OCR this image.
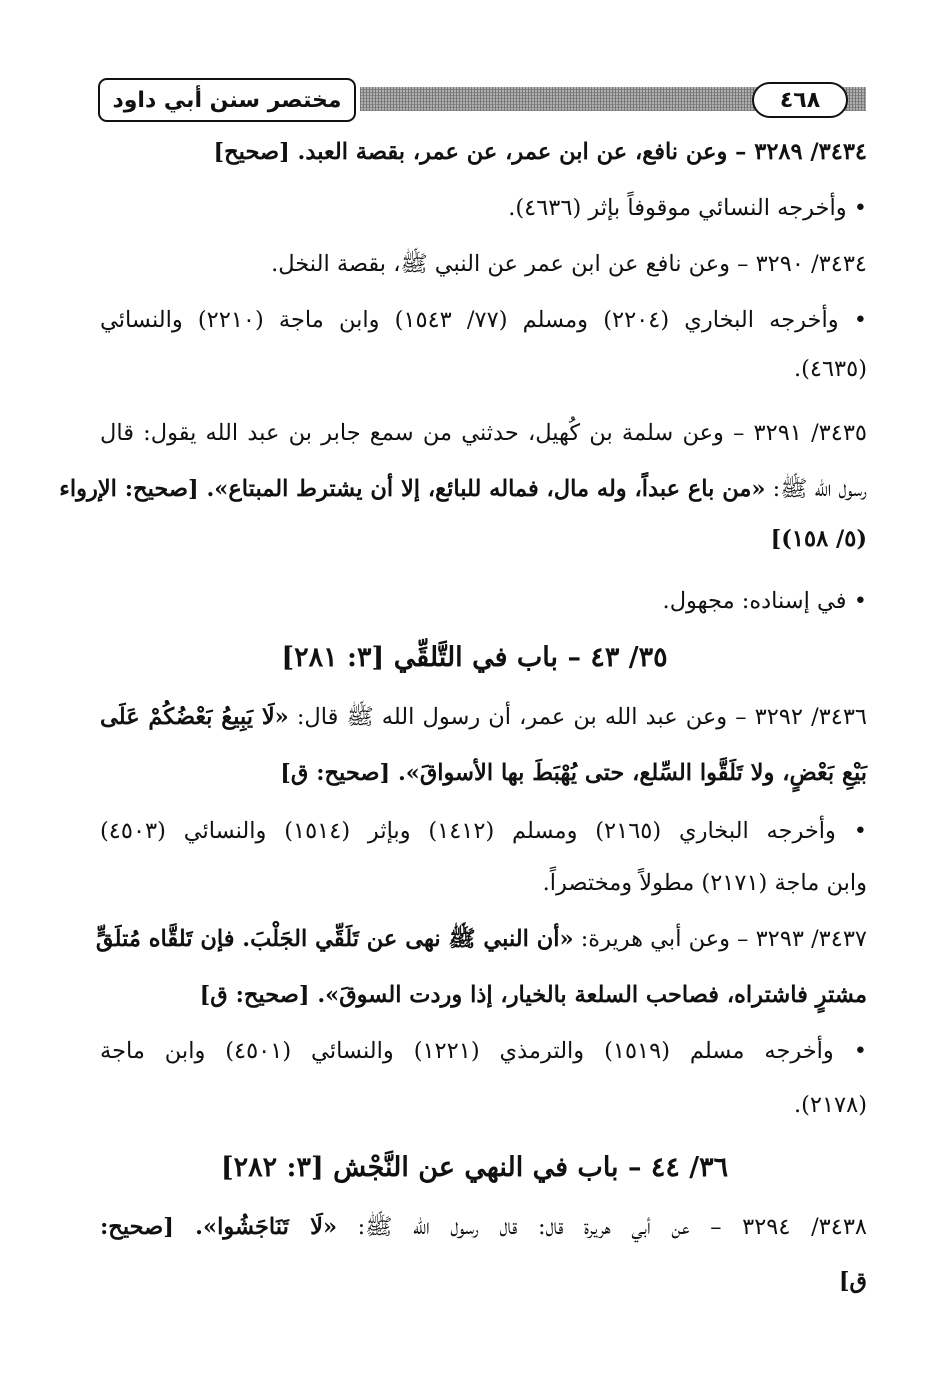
مختصر سنن أبي داود	٤٦٨
٣٤٣٤/ ٣٢٨٩ – وعن نافع، عن ابن عمر، عن عمر، بقصة العبد. [صحيح]
• وأخرجه النسائي موقوفاً بإثر (٤٦٣٦).
٣٤٣٤/ ٣٢٩٠ – وعن نافع عن ابن عمر عن النبي ﷺ، بقصة النخل.
• وأخرجه البخاري (٢٢٠٤) ومسلم (٧٧/ ١٥٤٣) وابن ماجة (٢٢١٠) والنسائي
(٤٦٣٥).
٣٤٣٥/ ٣٢٩١ – وعن سلمة بن كُهيل، حدثني من سمع جابر بن عبد الله يقول: قال
رسول الله ﷺ: «من باع عبداً، وله مال، فماله للبائع، إلا أن يشترط المبتاع». [صحيح: الإرواء
(٥/ ١٥٨)]
• في إسناده: مجهول.
٣٥/ ٤٣ – باب في التَّلقِّي [٣: ٢٨١]
٣٤٣٦/ ٣٢٩٢ – وعن عبد الله بن عمر، أن رسول الله ﷺ قال: «لَا يَبِيعُ بَعْضُكُمْ عَلَى
بَيْعِ بَعْضٍ، ولا تَلَقَّوا السِّلع، حتى يُهْبَطَ بها الأسواقَ». [صحيح: ق]
• وأخرجه البخاري (٢١٦٥) ومسلم (١٤١٢) وبإثر (١٥١٤) والنسائي (٤٥٠٣)
وابن ماجة (٢١٧١) مطولاً ومختصراً.
٣٤٣٧/ ٣٢٩٣ – وعن أبي هريرة: «أن النبي ﷺ نهى عن تَلَقِّي الجَلْبَ. فإن تَلقَّاه مُتلَقٍّ
مشترٍ فاشتراه، فصاحب السلعة بالخيار، إذا وردت السوقَ». [صحيح: ق]
• وأخرجه مسلم (١٥١٩) والترمذي (١٢٢١) والنسائي (٤٥٠١) وابن ماجة
(٢١٧٨).
٣٦/ ٤٤ – باب في النهي عن النَّجْش [٣: ٢٨٢]
٣٤٣٨/ ٣٢٩٤ – عن أبي هريرة قال: قال رسول الله ﷺ: «لَا تَنَاجَشُوا». [صحيح:
ق]
